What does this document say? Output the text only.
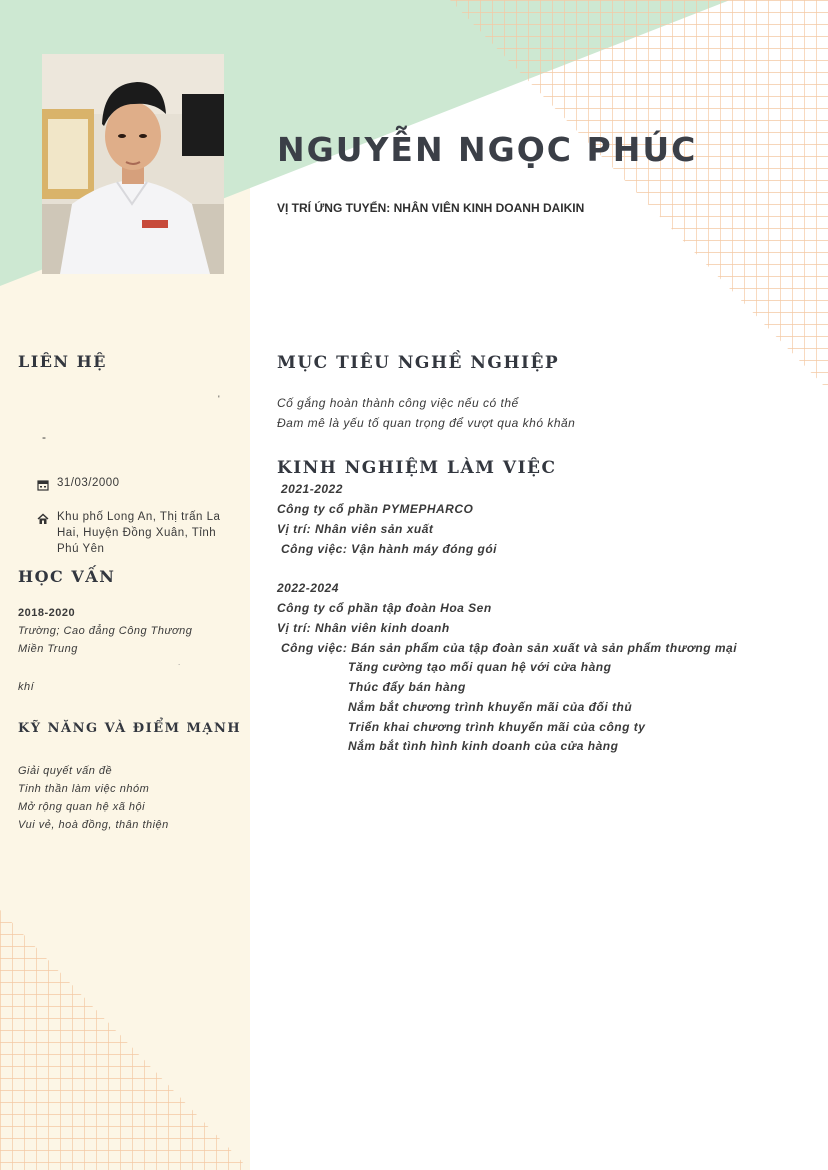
NGUYỄN NGỌC PHÚC
VỊ TRÍ ỨNG TUYỂN: NHÂN VIÊN KINH DOANH DAIKIN
LIÊN HỆ
'
-
31/03/2000
Khu phố Long An, Thị trấn La
Hai, Huyện Đồng Xuân, Tỉnh
Phú Yên
HỌC VẤN
2018-2020
Trường; Cao đẳng Công Thương
Miền Trung
.
khí
KỸ NĂNG VÀ ĐIỂM MẠNH
Giải quyết vấn đề
Tinh thần làm việc nhóm
Mở rộng quan hệ xã hội
Vui vẻ, hoà đồng, thân thiện
MỤC TIÊU NGHỀ NGHIỆP
Cố gắng hoàn thành công việc nếu có thể
Đam mê là yếu tố quan trọng để vượt qua khó khăn
KINH NGHIỆM LÀM VIỆC
2021-2022
Công ty cổ phần PYMEPHARCO
Vị trí: Nhân viên sản xuất
Công việc: Vận hành máy đóng gói
2022-2024
Công ty cổ phần tập đoàn Hoa Sen
Vị trí: Nhân viên kinh doanh
Công việc: Bán sản phẩm của tập đoàn sản xuất và sản phẩm thương mại
Tăng cường tạo mối quan hệ với cửa hàng
Thúc đẩy bán hàng
Nắm bắt chương trình khuyến mãi của đối thủ
Triển khai chương trình khuyến mãi của công ty
Nắm bắt tình hình kinh doanh của cửa hàng
